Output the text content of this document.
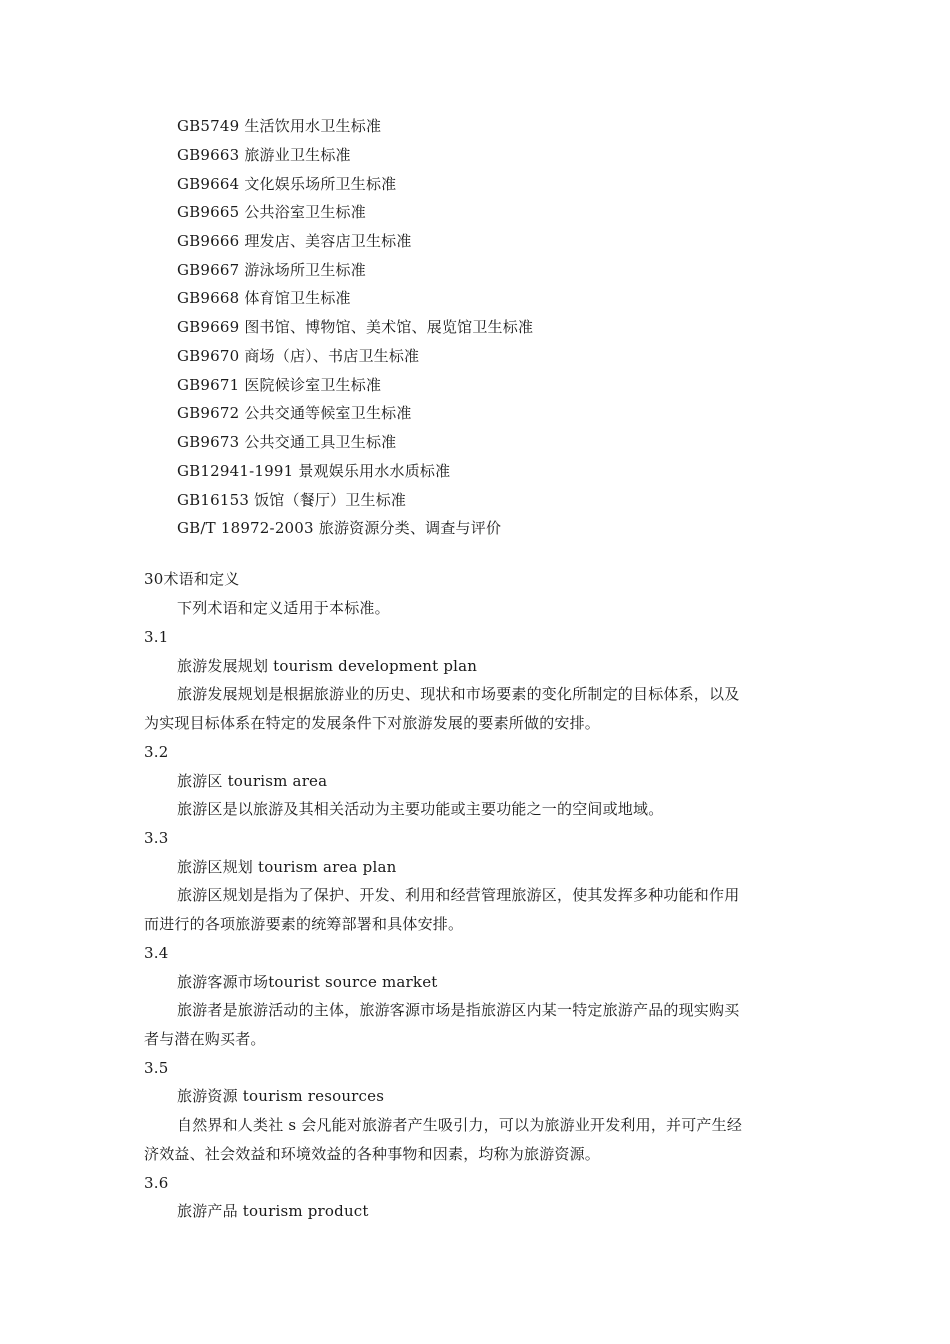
GB5749 生活饮用水卫生标准
GB9663 旅游业卫生标准
GB9664 文化娱乐场所卫生标准
GB9665 公共浴室卫生标准
GB9666 理发店、美容店卫生标准
GB9667 游泳场所卫生标准
GB9668 体育馆卫生标准
GB9669 图书馆、博物馆、美术馆、展览馆卫生标准
GB9670 商场（店）、书店卫生标准
GB9671 医院候诊室卫生标准
GB9672 公共交通等候室卫生标准
GB9673 公共交通工具卫生标准
GB12941-1991 景观娱乐用水水质标准
GB16153 饭馆（餐厅）卫生标准
GB/T 18972-2003 旅游资源分类、调查与评价
30术语和定义
下列术语和定义适用于本标准。
3.1
旅游发展规划 tourism development plan
旅游发展规划是根据旅游业的历史、现状和市场要素的变化所制定的目标体系，以及
为实现目标体系在特定的发展条件下对旅游发展的要素所做的安排。
3.2
旅游区 tourism area
旅游区是以旅游及其相关活动为主要功能或主要功能之一的空间或地域。
3.3
旅游区规划 tourism area plan
旅游区规划是指为了保护、开发、利用和经营管理旅游区，使其发挥多种功能和作用
而进行的各项旅游要素的统筹部署和具体安排。
3.4
旅游客源市场tourist source market
旅游者是旅游活动的主体，旅游客源市场是指旅游区内某一特定旅游产品的现实购买
者与潜在购买者。
3.5
旅游资源 tourism resources
自然界和人类社 s 会凡能对旅游者产生吸引力，可以为旅游业开发利用，并可产生经
济效益、社会效益和环境效益的各种事物和因素，均称为旅游资源。
3.6
旅游产品 tourism product
